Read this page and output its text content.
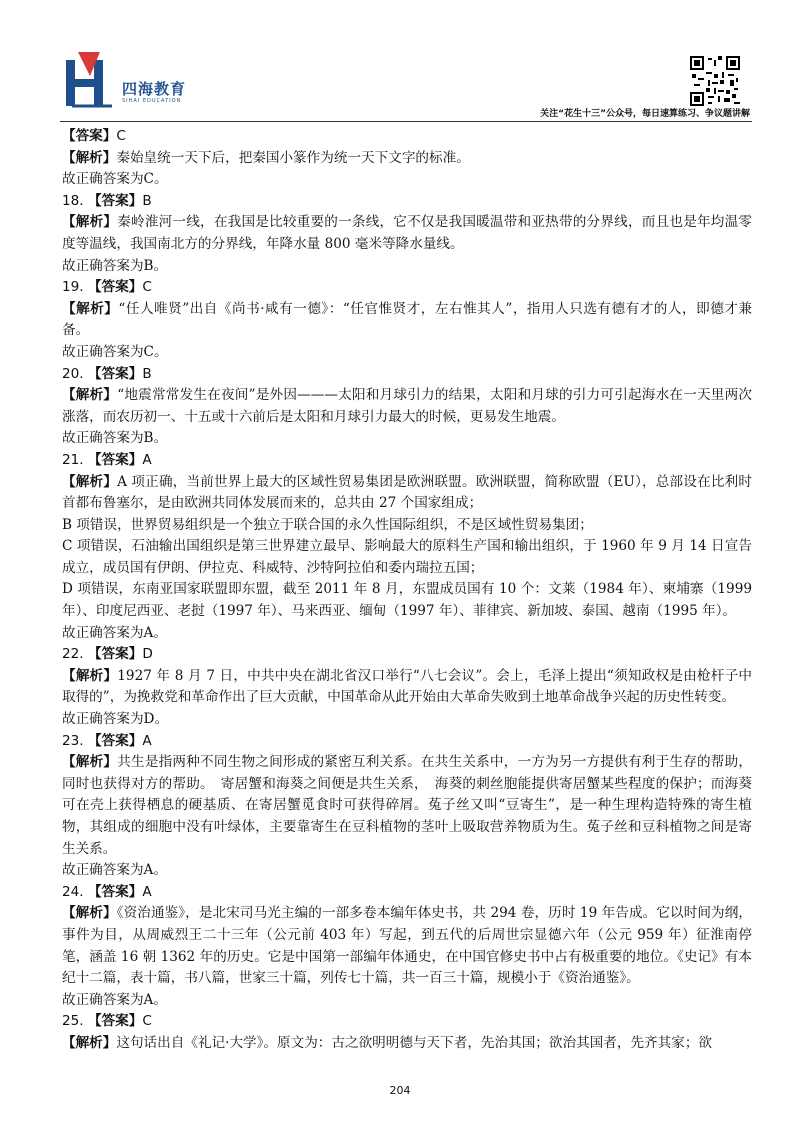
四海教育
SIHAI EDUCATION
关注“花生十三”公众号，每日速算练习、争议题讲解

【答案】C

【解析】秦始皇统一天下后，把秦国小篆作为统一天下文字的标准。

故正确答案为C。

18. 【答案】B

【解析】秦岭淮河一线，在我国是比较重要的一条线，它不仅是我国暖温带和亚热带的分界线，而且也是年均温零度等温线，我国南北方的分界线，年降水量 800 毫米等降水量线。

故正确答案为B。

19. 【答案】C

【解析】“任人唯贤”出自《尚书·咸有一德》：“任官惟贤才，左右惟其人”，指用人只选有德有才的人，即德才兼备。

故正确答案为C。

20. 【答案】B

【解析】“地震常常发生在夜间”是外因———太阳和月球引力的结果，太阳和月球的引力可引起海水在一天里两次涨落，而农历初一、十五或十六前后是太阳和月球引力最大的时候，更易发生地震。

故正确答案为B。

21. 【答案】A

【解析】A 项正确，当前世界上最大的区域性贸易集团是欧洲联盟。欧洲联盟，简称欧盟（EU），总部设在比利时首都布鲁塞尔，是由欧洲共同体发展而来的，总共由 27 个国家组成；

B 项错误，世界贸易组织是一个独立于联合国的永久性国际组织，不是区域性贸易集团；

C 项错误，石油输出国组织是第三世界建立最早、影响最大的原料生产国和输出组织，于 1960 年 9 月 14 日宣告成立，成员国有伊朗、伊拉克、科威特、沙特阿拉伯和委内瑞拉五国；

D 项错误，东南亚国家联盟即东盟，截至 2011 年 8 月，东盟成员国有 10 个：文莱（1984 年）、柬埔寨（1999年）、印度尼西亚、老挝（1997 年）、马来西亚、缅甸（1997 年）、菲律宾、新加坡、泰国、越南（1995 年）。

故正确答案为A。

22. 【答案】D

【解析】1927 年 8 月 7 日，中共中央在湖北省汉口举行“八七会议”。会上，毛泽上提出“须知政权是由枪杆子中取得的”，为挽救党和革命作出了巨大贡献，中国革命从此开始由大革命失败到土地革命战争兴起的历史性转变。

故正确答案为D。

23. 【答案】A

【解析】共生是指两种不同生物之间形成的紧密互利关系。在共生关系中，一方为另一方提供有利于生存的帮助，同时也获得对方的帮助。　寄居蟹和海葵之间便是共生关系，　海葵的刺丝胞能提供寄居蟹某些程度的保护；而海葵可在壳上获得栖息的硬基质、在寄居蟹觅食时可获得碎屑。菟子丝又叫“豆寄生”，是一种生理构造特殊的寄生植物，其组成的细胞中没有叶绿体，主要靠寄生在豆科植物的茎叶上吸取营养物质为生。菟子丝和豆科植物之间是寄生关系。

故正确答案为A。

24. 【答案】A

【解析】《资治通鉴》，是北宋司马光主编的一部多卷本编年体史书，共 294 卷，历时 19 年告成。它以时间为纲，事件为目，从周威烈王二十三年（公元前 403 年）写起，到五代的后周世宗显德六年（公元 959 年）征淮南停笔，涵盖 16 朝 1362 年的历史。它是中国第一部编年体通史，在中国官修史书中占有极重要的地位。《史记》有本纪十二篇，表十篇，书八篇，世家三十篇，列传七十篇，共一百三十篇，规模小于《资治通鉴》。

故正确答案为A。

25. 【答案】C

【解析】这句话出自《礼记·大学》。原文为：古之欲明明德与天下者，先治其国；欲治其国者，先齐其家；欲

204
